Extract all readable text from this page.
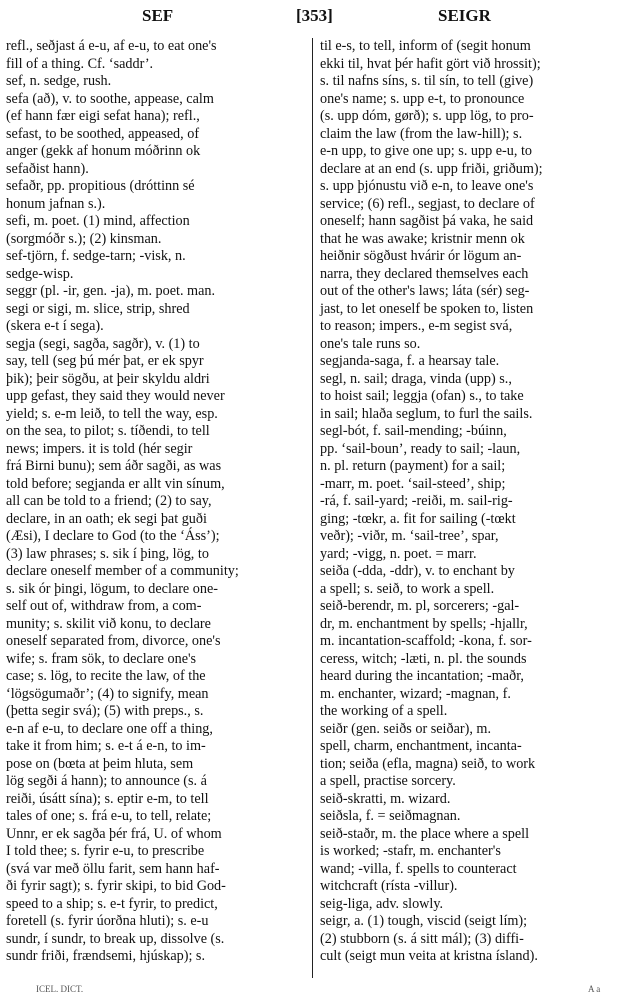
SEF	[353]	SEIGR

refl., seðjast á e-u, af e-u, to eat one's

fill of a thing. Cf. ‘saddr’.

sef, n. sedge, rush.

sefa (að), v. to soothe, appease, calm

(ef hann fær eigi sefat hana); refl.,

sefast, to be soothed, appeased, of

anger (gekk af honum móðrinn ok

sefaðist hann).

sefaðr, pp. propitious (dróttinn sé

honum jafnan s.).

sefi, m. poet. (1) mind, affection

(sorgmóðr s.); (2) kinsman.

sef-tjörn, f. sedge-tarn; -visk, n.

sedge-wisp.

seggr (pl. -ir, gen. -ja), m. poet. man.

segi or sigi, m. slice, strip, shred

(skera e-t í sega).

segja (segi, sagða, sagðr), v. (1) to

say, tell (seg þú mér þat, er ek spyr

þik); þeir sögðu, at þeir skyldu aldri

upp gefast, they said they would never

yield; s. e-m leið, to tell the way, esp.

on the sea, to pilot; s. tíðendi, to tell

news; impers. it is told (hér segir

frá Birni bunu); sem áðr sagði, as was

told before; segjanda er allt vin sínum,

all can be told to a friend; (2) to say,

declare, in an oath; ek segi þat guði

(Æsi), I declare to God (to the ‘Áss’);

(3) law phrases; s. sik í þing, lög, to

declare oneself member of a community;

s. sik ór þingi, lögum, to declare one-

self out of, withdraw from, a com-

munity; s. skilit við konu, to declare

oneself separated from, divorce, one's

wife; s. fram sök, to declare one's

case; s. lög, to recite the law, of the

‘lögsögumaðr’; (4) to signify, mean

(þetta segir svá); (5) with preps., s.

e-n af e-u, to declare one off a thing,

take it from him; s. e-t á e-n, to im-

pose on (bœta at þeim hluta, sem

lög segði á hann); to announce (s. á

reiði, úsátt sína); s. eptir e-m, to tell

tales of one; s. frá e-u, to tell, relate;

Unnr, er ek sagða þér frá, U. of whom

I told thee; s. fyrir e-u, to prescribe

(svá var með öllu farit, sem hann haf-

ði fyrir sagt); s. fyrir skipi, to bid God-

speed to a ship; s. e-t fyrir, to predict,

foretell (s. fyrir úorðna hluti); s. e-u

sundr, í sundr, to break up, dissolve (s.

sundr friði, frændsemi, hjúskap); s.

til e-s, to tell, inform of (segit honum

ekki til, hvat þér hafit gört við hrossit);

s. til nafns síns, s. til sín, to tell (give)

one's name; s. upp e-t, to pronounce

(s. upp dóm, gørð); s. upp lög, to pro-

claim the law (from the law-hill); s.

e-n upp, to give one up; s. upp e-u, to

declare at an end (s. upp friði, griðum);

s. upp þjónustu við e-n, to leave one's

service; (6) refl., segjast, to declare of

oneself; hann sagðist þá vaka, he said

that he was awake; kristnir menn ok

heiðnir sögðust hvárir ór lögum an-

narra, they declared themselves each

out of the other's laws; láta (sér) seg-

jast, to let oneself be spoken to, listen

to reason; impers., e-m segist svá,

one's tale runs so.

segjanda-saga, f. a hearsay tale.

segl, n. sail; draga, vinda (upp) s.,

to hoist sail; leggja (ofan) s., to take

in sail; hlaða seglum, to furl the sails.

segl-bót, f. sail-mending; -búinn,

pp. ‘sail-boun’, ready to sail; -laun,

n. pl. return (payment) for a sail;

-marr, m. poet. ‘sail-steed’, ship;

-rá, f. sail-yard; -reiði, m. sail-rig-

ging; -tœkr, a. fit for sailing (-tœkt

veðr); -viðr, m. ‘sail-tree’, spar,

yard; -vigg, n. poet. = marr.

seiða (-dda, -ddr), v. to enchant by

a spell; s. seið, to work a spell.

seið-berendr, m. pl, sorcerers; -gal-

dr, m. enchantment by spells; -hjallr,

m. incantation-scaffold; -kona, f. sor-

ceress, witch; -læti, n. pl. the sounds

heard during the incantation; -maðr,

m. enchanter, wizard; -magnan, f.

the working of a spell.

seiðr (gen. seiðs or seiðar), m.

spell, charm, enchantment, incanta-

tion; seiða (efla, magna) seið, to work

a spell, practise sorcery.

seið-skratti, m. wizard.

seiðsla, f. = seiðmagnan.

seið-staðr, m. the place where a spell

is worked; -stafr, m. enchanter's

wand; -villa, f. spells to counteract

witchcraft (rísta -villur).

seig-liga, adv. slowly.

seigr, a. (1) tough, viscid (seigt lím);

(2) stubborn (s. á sitt mál); (3) diffi-

cult (seigt mun veita at kristna ísland).

ICEL. DICT.	A a
